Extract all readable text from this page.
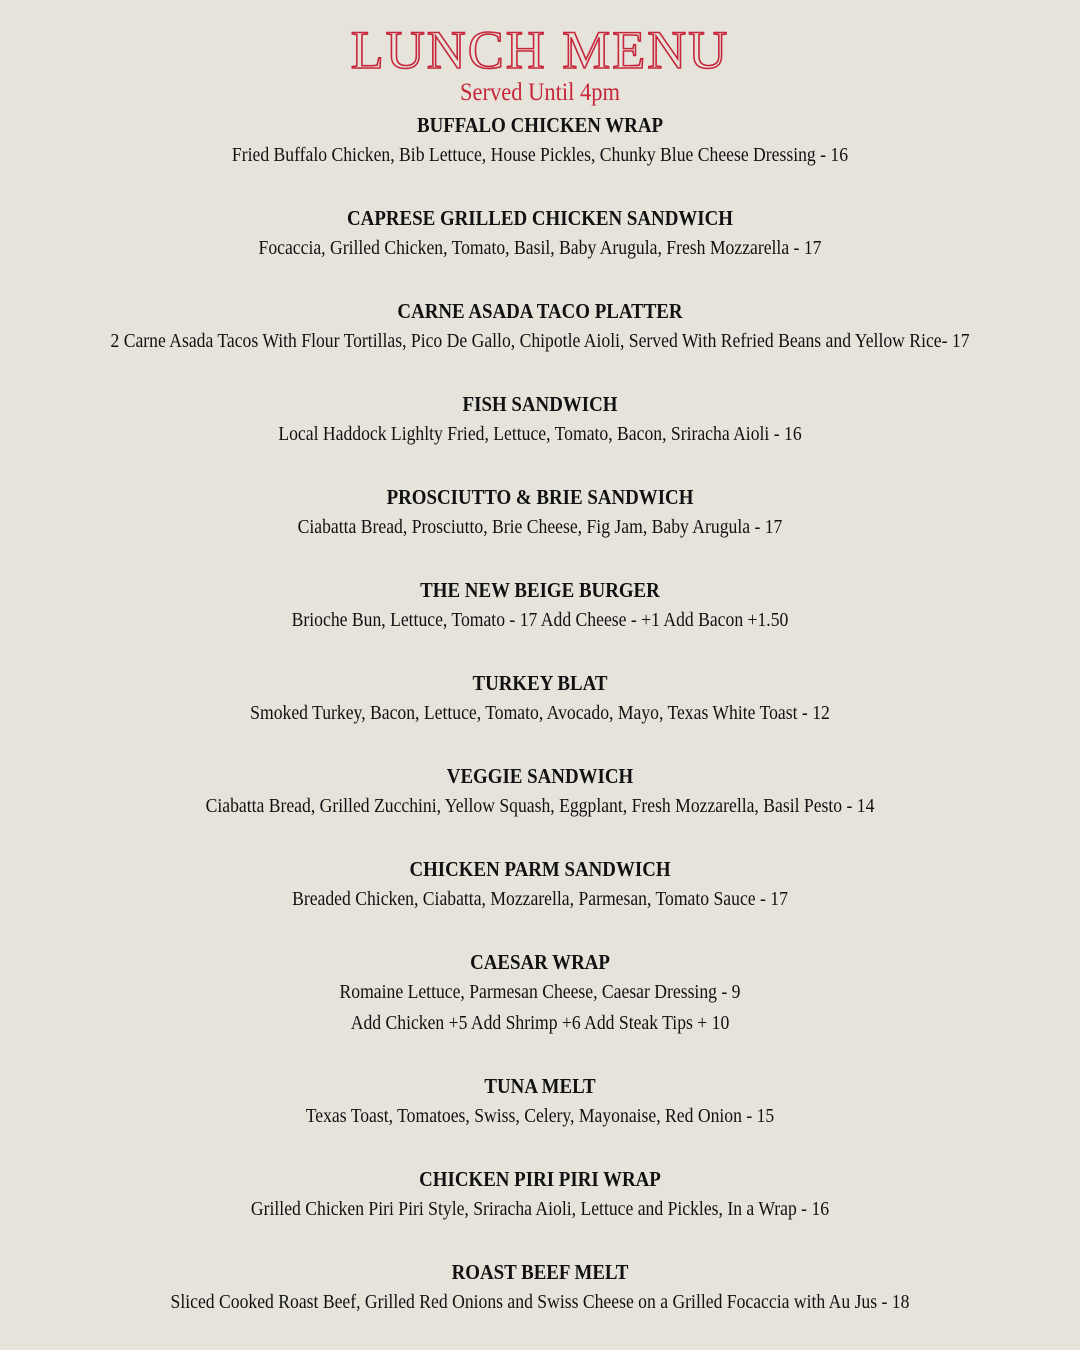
LUNCH MENU
Served Until 4pm
BUFFALO CHICKEN WRAP
Fried Buffalo Chicken, Bib Lettuce, House Pickles, Chunky Blue Cheese Dressing - 16
CAPRESE GRILLED CHICKEN SANDWICH
Focaccia, Grilled Chicken, Tomato, Basil, Baby Arugula, Fresh Mozzarella - 17
CARNE ASADA TACO PLATTER
2 Carne Asada Tacos With Flour Tortillas, Pico De Gallo, Chipotle Aioli, Served With Refried Beans and Yellow Rice- 17
FISH SANDWICH
Local Haddock Lighlty Fried, Lettuce, Tomato, Bacon, Sriracha Aioli - 16
PROSCIUTTO & BRIE SANDWICH
Ciabatta Bread, Prosciutto, Brie Cheese, Fig Jam, Baby Arugula - 17
THE NEW BEIGE BURGER
Brioche Bun, Lettuce, Tomato - 17 Add Cheese - +1 Add Bacon +1.50
TURKEY BLAT
Smoked Turkey, Bacon, Lettuce, Tomato, Avocado, Mayo, Texas White Toast - 12
VEGGIE SANDWICH
Ciabatta Bread, Grilled Zucchini, Yellow Squash, Eggplant, Fresh Mozzarella, Basil Pesto - 14
CHICKEN PARM SANDWICH
Breaded Chicken, Ciabatta, Mozzarella, Parmesan, Tomato Sauce - 17
CAESAR WRAP
Romaine Lettuce, Parmesan Cheese, Caesar Dressing - 9
Add Chicken +5 Add Shrimp +6 Add Steak Tips + 10
TUNA MELT
Texas Toast, Tomatoes, Swiss, Celery, Mayonaise, Red Onion - 15
CHICKEN PIRI PIRI WRAP
Grilled Chicken Piri Piri Style, Sriracha Aioli, Lettuce and Pickles, In a Wrap - 16
ROAST BEEF MELT
Sliced Cooked Roast Beef, Grilled Red Onions and Swiss Cheese on a Grilled Focaccia with Au Jus - 18
